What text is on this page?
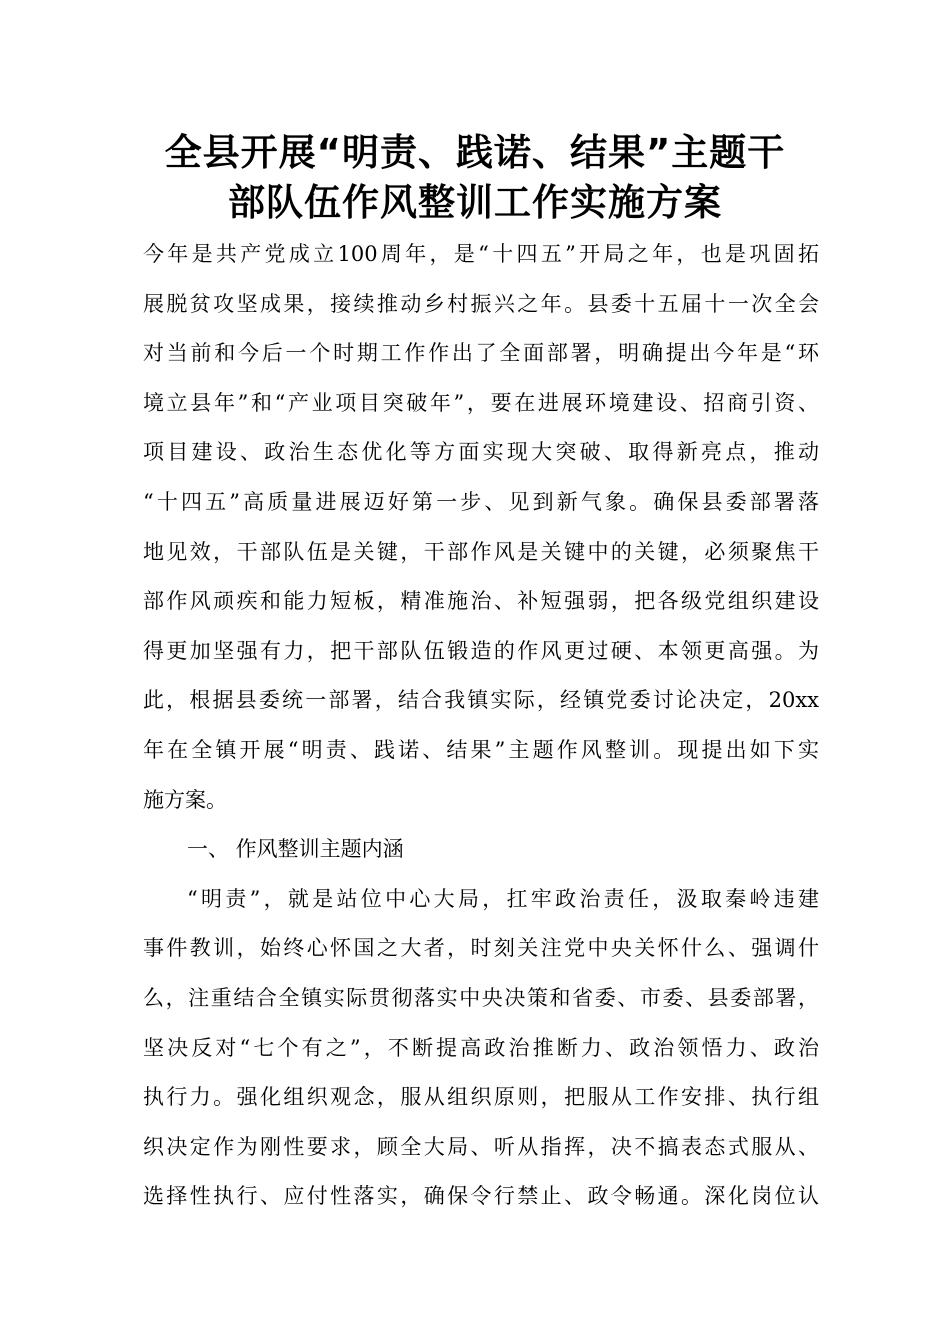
全县开展“明责、践诺、结果”主题干
部队伍作风整训工作实施方案
今年是共产党成立100周年，是“十四五”开局之年，也是巩固拓
展脱贫攻坚成果，接续推动乡村振兴之年。县委十五届十一次全会
对当前和今后一个时期工作作出了全面部署，明确提出今年是“环
境立县年”和“产业项目突破年”，要在进展环境建设、招商引资、
项目建设、政治生态优化等方面实现大突破、取得新亮点，推动
“十四五”高质量进展迈好第一步、见到新气象。确保县委部署落
地见效，干部队伍是关键，干部作风是关键中的关键，必须聚焦干
部作风顽疾和能力短板，精准施治、补短强弱，把各级党组织建设
得更加坚强有力，把干部队伍锻造的作风更过硬、本领更高强。为
此，根据县委统一部署，结合我镇实际，经镇党委讨论决定，20xx
年在全镇开展“明责、践诺、结果”主题作风整训。现提出如下实
施方案。
一、 作风整训主题内涵
“明责”，就是站位中心大局，扛牢政治责任，汲取秦岭违建
事件教训，始终心怀国之大者，时刻关注党中央关怀什么、强调什
么，注重结合全镇实际贯彻落实中央决策和省委、市委、县委部署，
坚决反对“七个有之”，不断提高政治推断力、政治领悟力、政治
执行力。强化组织观念，服从组织原则，把服从工作安排、执行组
织决定作为刚性要求，顾全大局、听从指挥，决不搞表态式服从、
选择性执行、应付性落实，确保令行禁止、政令畅通。深化岗位认
